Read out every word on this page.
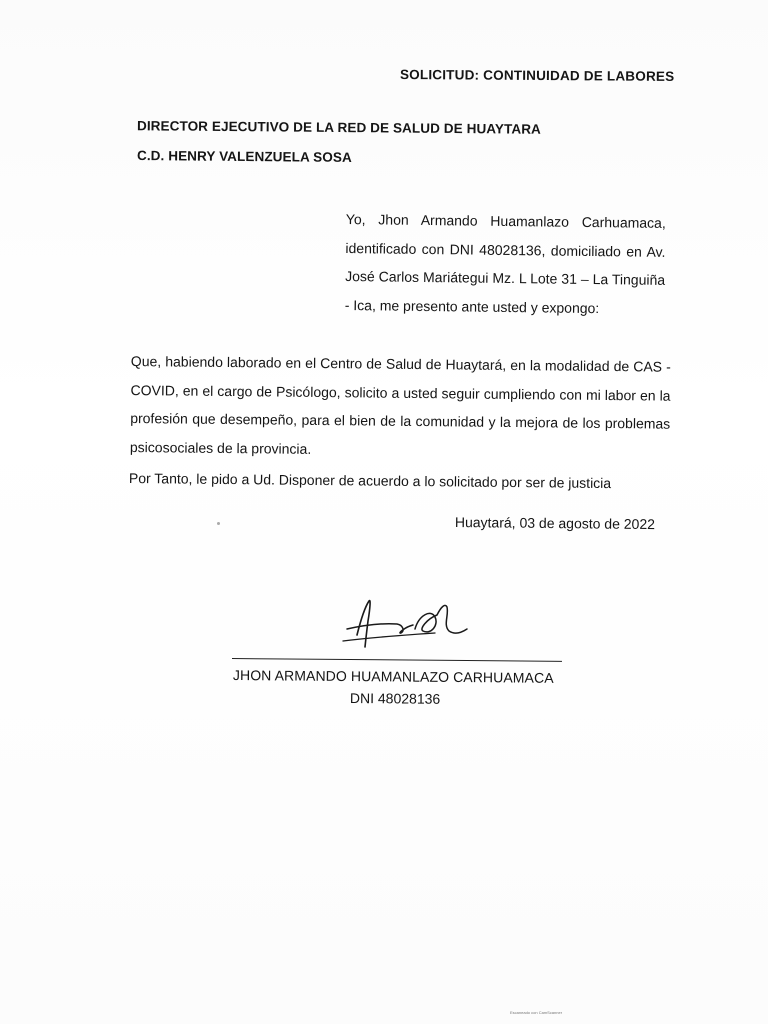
SOLICITUD: CONTINUIDAD DE LABORES
DIRECTOR EJECUTIVO DE LA RED DE SALUD DE HUAYTARA
C.D. HENRY VALENZUELA SOSA
Yo, Jhon Armando Huamanlazo Carhuamaca, identificado con DNI 48028136, domiciliado en Av. José Carlos Mariátegui Mz. L Lote 31 – La Tinguiña - Ica, me presento ante usted y expongo:
Que, habiendo laborado en el Centro de Salud de Huaytará, en la modalidad de CAS - COVID, en el cargo de Psicólogo, solicito a usted seguir cumpliendo con mi labor en la profesión que desempeño, para el bien de la comunidad y la mejora de los problemas psicosociales de la provincia.
Por Tanto, le pido a Ud. Disponer de acuerdo a lo solicitado por ser de justicia
Huaytará, 03 de agosto de 2022
JHON ARMANDO HUAMANLAZO CARHUAMACA
DNI 48028136
Escaneado con CamScanner
